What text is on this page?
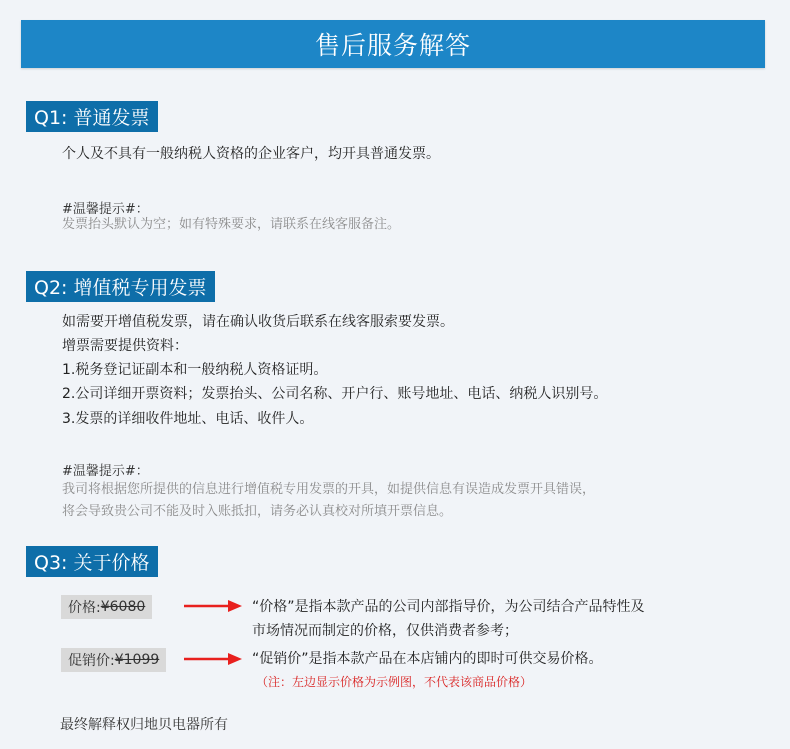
售后服务解答
Q1: 普通发票
个人及不具有一般纳税人资格的企业客户，均开具普通发票。
#温馨提示#：
发票抬头默认为空；如有特殊要求，请联系在线客服备注。
Q2: 增值税专用发票
如需要开增值税发票，请在确认收货后联系在线客服索要发票。
增票需要提供资料：
1.税务登记证副本和一般纳税人资格证明。
2.公司详细开票资料；发票抬头、公司名称、开户行、账号地址、电话、纳税人识别号。
3.发票的详细收件地址、电话、收件人。
#温馨提示#：
我司将根据您所提供的信息进行增值税专用发票的开具，如提供信息有误造成发票开具错误，
将会导致贵公司不能及时入账抵扣，请务必认真校对所填开票信息。
Q3: 关于价格
价格: ¥6080	“价格”是指本款产品的公司内部指导价，为公司结合产品特性及
市场情况而制定的价格，仅供消费者参考；
促销价: ¥1099	“促销价”是指本款产品在本店铺内的即时可供交易价格。
（注：左边显示价格为示例图，不代表该商品价格）
最终解释权归地贝电器所有
